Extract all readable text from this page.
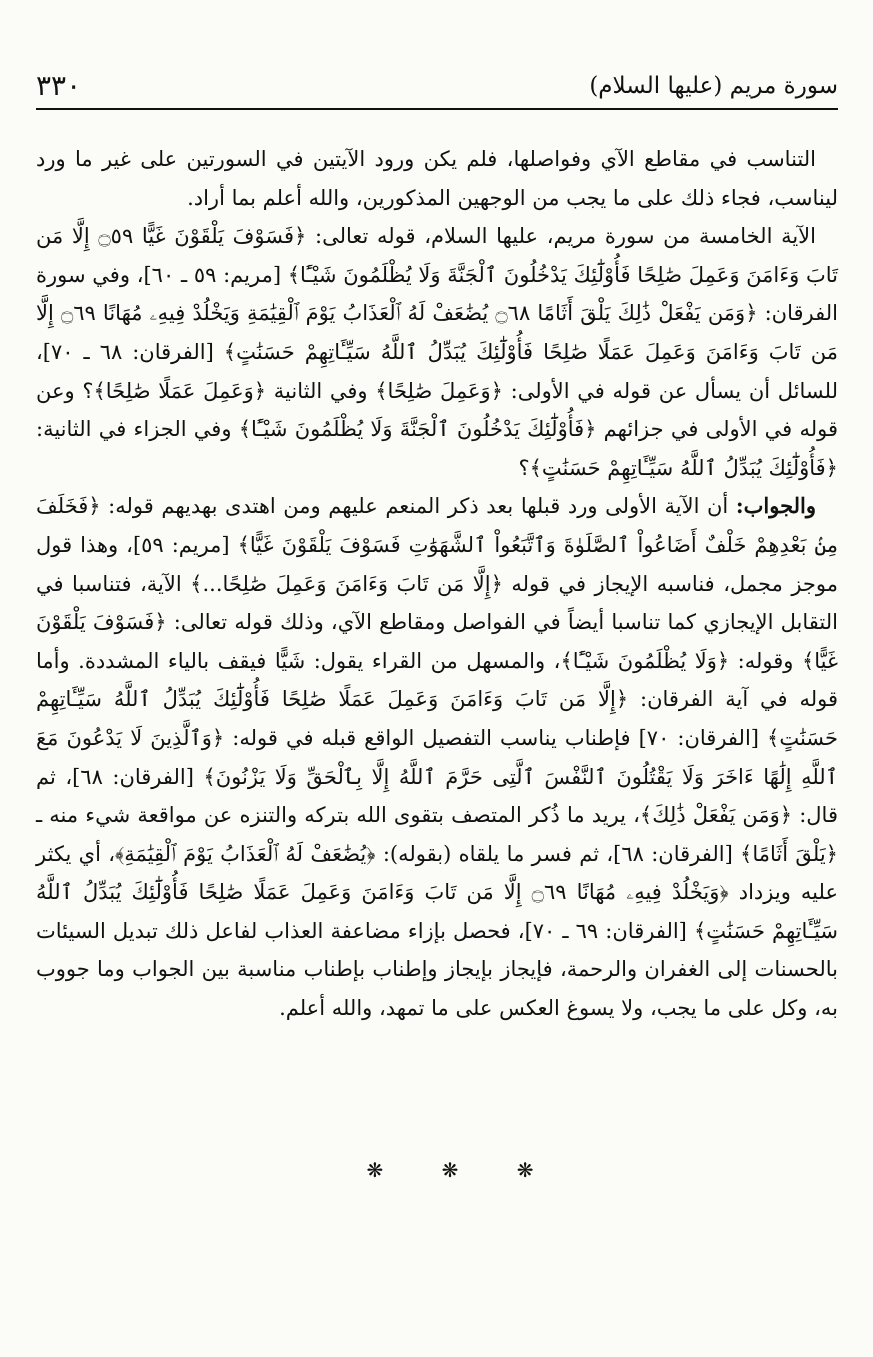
٣٣٠	سورة مريم (عليها السلام)
التناسب في مقاطع الآي وفواصلها، فلم يكن ورود الآيتين في السورتين على غير ما ورد ليناسب، فجاء ذلك على ما يجب من الوجهين المذكورين، والله أعلم بما أراد.
الآية الخامسة من سورة مريم، عليها السلام، قوله تعالى: ﴿فَسَوْفَ يَلْقَوْنَ غَيًّا ۝٥٩ إِلَّا مَن تَابَ وَءَامَنَ وَعَمِلَ صَٰلِحًا فَأُوْلَٰٓئِكَ يَدْخُلُونَ ٱلْجَنَّةَ وَلَا يُظْلَمُونَ شَيْـًٔا﴾ [مريم: ٥٩ ـ ٦٠]، وفي سورة الفرقان: ﴿وَمَن يَفْعَلْ ذَٰلِكَ يَلْقَ أَثَامًا ۝٦٨ يُضَٰعَفْ لَهُ ٱلْعَذَابُ يَوْمَ ٱلْقِيَٰمَةِ وَيَخْلُدْ فِيهِۦ مُهَانًا ۝٦٩ إِلَّا مَن تَابَ وَءَامَنَ وَعَمِلَ عَمَلًا صَٰلِحًا فَأُوْلَٰٓئِكَ يُبَدِّلُ ٱللَّهُ سَيِّـَٔاتِهِمْ حَسَنَٰتٍ﴾ [الفرقان: ٦٨ ـ ٧٠]، للسائل أن يسأل عن قوله في الأولى: ﴿وَعَمِلَ صَٰلِحًا﴾ وفي الثانية ﴿وَعَمِلَ عَمَلًا صَٰلِحًا﴾؟ وعن قوله في الأولى في جزائهم ﴿فَأُوْلَٰٓئِكَ يَدْخُلُونَ ٱلْجَنَّةَ وَلَا يُظْلَمُونَ شَيْـًٔا﴾ وفي الجزاء في الثانية: ﴿فَأُوْلَٰٓئِكَ يُبَدِّلُ ٱللَّهُ سَيِّـَٔاتِهِمْ حَسَنَٰتٍ﴾؟
والجواب: أن الآية الأولى ورد قبلها بعد ذكر المنعم عليهم ومن اهتدى بهديهم قوله: ﴿فَخَلَفَ مِنۢ بَعْدِهِمْ خَلْفٌ أَضَاعُواْ ٱلصَّلَوٰةَ وَٱتَّبَعُواْ ٱلشَّهَوَٰتِ فَسَوْفَ يَلْقَوْنَ غَيًّا﴾ [مريم: ٥٩]، وهذا قول موجز مجمل، فناسبه الإيجاز في قوله ﴿إِلَّا مَن تَابَ وَءَامَنَ وَعَمِلَ صَٰلِحًا...﴾ الآية، فتناسبا في التقابل الإيجازي كما تناسبا أيضاً في الفواصل ومقاطع الآي، وذلك قوله تعالى: ﴿فَسَوْفَ يَلْقَوْنَ غَيًّا﴾ وقوله: ﴿وَلَا يُظْلَمُونَ شَيْـًٔا﴾، والمسهل من القراء يقول: شَيًّا فيقف بالياء المشددة. وأما قوله في آية الفرقان: ﴿إِلَّا مَن تَابَ وَءَامَنَ وَعَمِلَ عَمَلًا صَٰلِحًا فَأُوْلَٰٓئِكَ يُبَدِّلُ ٱللَّهُ سَيِّـَٔاتِهِمْ حَسَنَٰتٍ﴾ [الفرقان: ٧٠] فإطناب يناسب التفصيل الواقع قبله في قوله: ﴿وَٱلَّذِينَ لَا يَدْعُونَ مَعَ ٱللَّهِ إِلَٰهًا ءَاخَرَ وَلَا يَقْتُلُونَ ٱلنَّفْسَ ٱلَّتِى حَرَّمَ ٱللَّهُ إِلَّا بِٱلْحَقِّ وَلَا يَزْنُونَ﴾ [الفرقان: ٦٨]، ثم قال: ﴿وَمَن يَفْعَلْ ذَٰلِكَ﴾، يريد ما ذُكر المتصف بتقوى الله بتركه والتنزه عن مواقعة شيء منه ـ ﴿يَلْقَ أَثَامًا﴾ [الفرقان: ٦٨]، ثم فسر ما يلقاه (بقوله): ﴿يُضَٰعَفْ لَهُ ٱلْعَذَابُ يَوْمَ ٱلْقِيَٰمَةِ﴾، أي يكثر عليه ويزداد ﴿وَيَخْلُدْ فِيهِۦ مُهَانًا ۝٦٩ إِلَّا مَن تَابَ وَءَامَنَ وَعَمِلَ عَمَلًا صَٰلِحًا فَأُوْلَٰٓئِكَ يُبَدِّلُ ٱللَّهُ سَيِّـَٔاتِهِمْ حَسَنَٰتٍ﴾ [الفرقان: ٦٩ ـ ٧٠]، فحصل بإزاء مضاعفة العذاب لفاعل ذلك تبديل السيئات بالحسنات إلى الغفران والرحمة، فإيجاز بإيجاز وإطناب بإطناب مناسبة بين الجواب وما جووب به، وكل على ما يجب، ولا يسوغ العكس على ما تمهد، والله أعلم.
❋ ❋ ❋
